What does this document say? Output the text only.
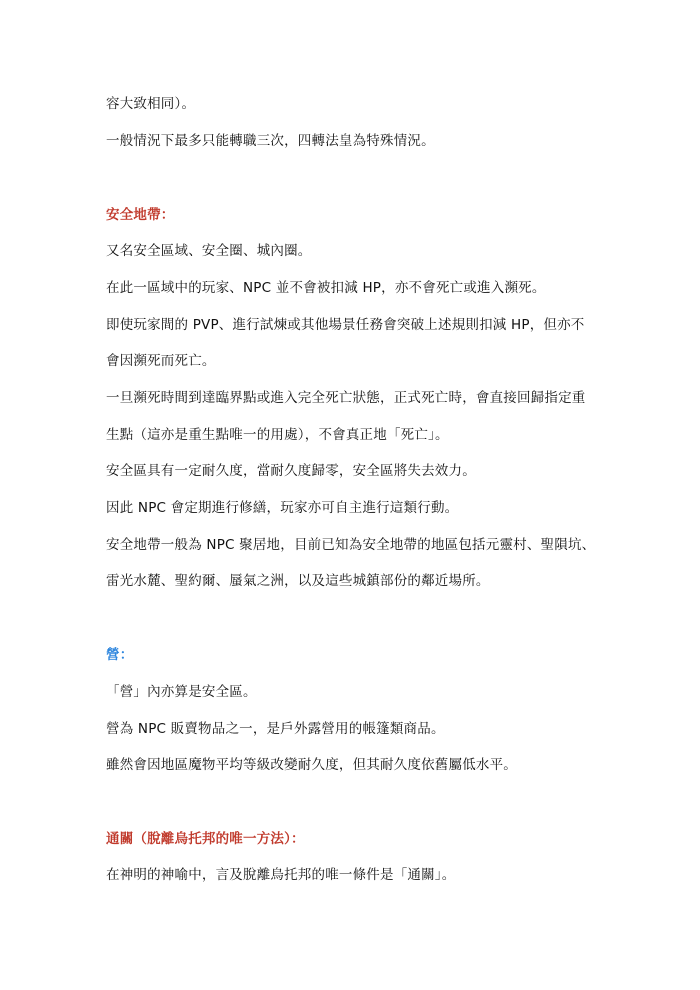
容大致相同）。
一般情況下最多只能轉職三次，四轉法皇為特殊情況。
安全地帶：
又名安全區域、安全圈、城內圈。
在此一區域中的玩家、NPC 並不會被扣減 HP，亦不會死亡或進入瀕死。
即使玩家間的 PVP、進行試煉或其他場景任務會突破上述規則扣減 HP，但亦不
會因瀕死而死亡。
一旦瀕死時間到達臨界點或進入完全死亡狀態，正式死亡時，會直接回歸指定重
生點（這亦是重生點唯一的用處），不會真正地「死亡」。
安全區具有一定耐久度，當耐久度歸零，安全區將失去效力。
因此 NPC 會定期進行修繕，玩家亦可自主進行這類行動。
安全地帶一般為 NPC 聚居地，目前已知為安全地帶的地區包括元靈村、聖隕坑、
雷光水麓、聖約爾、蜃氣之洲，以及這些城鎮部份的鄰近場所。
營：
「營」內亦算是安全區。
營為 NPC 販賣物品之一，是戶外露營用的帳篷類商品。
雖然會因地區魔物平均等級改變耐久度，但其耐久度依舊屬低水平。
通關（脫離烏托邦的唯一方法）：
在神明的神喻中，言及脫離烏托邦的唯一條件是「通關」。
